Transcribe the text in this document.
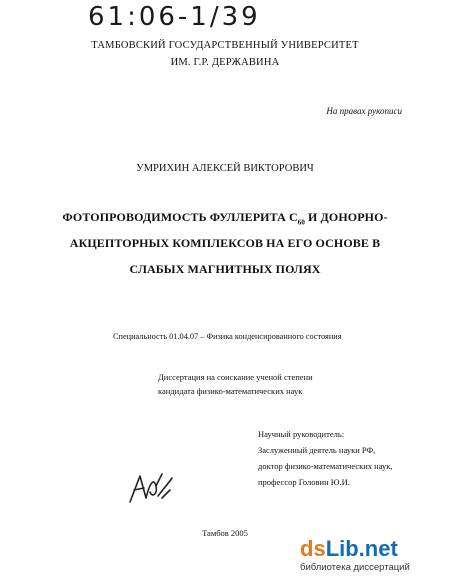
61:06-1/39
ТАМБОВСКИЙ ГОСУДАРСТВЕННЫЙ УНИВЕРСИТЕТ
ИМ. Г.Р. ДЕРЖАВИНА
На правах рукописи
УМРИХИН АЛЕКСЕЙ ВИКТОРОВИЧ
ФОТОПРОВОДИМОСТЬ ФУЛЛЕРИТА $С_{60}$ И ДОНОРНО-
АКЦЕПТОРНЫХ КОМПЛЕКСОВ НА ЕГО ОСНОВЕ В
СЛАБЫХ МАГНИТНЫХ ПОЛЯХ
Специальность 01.04.07 – Физика конденсированного состояния
Диссертация на соискание ученой степени
кандидата физико-математических наук
Научный руководитель:
Заслуженный деятель науки РФ,
доктор физико-математических наук,
профессор Головин Ю.И.
Тамбов 2005
dsLib.net
библиотека диссертаций
